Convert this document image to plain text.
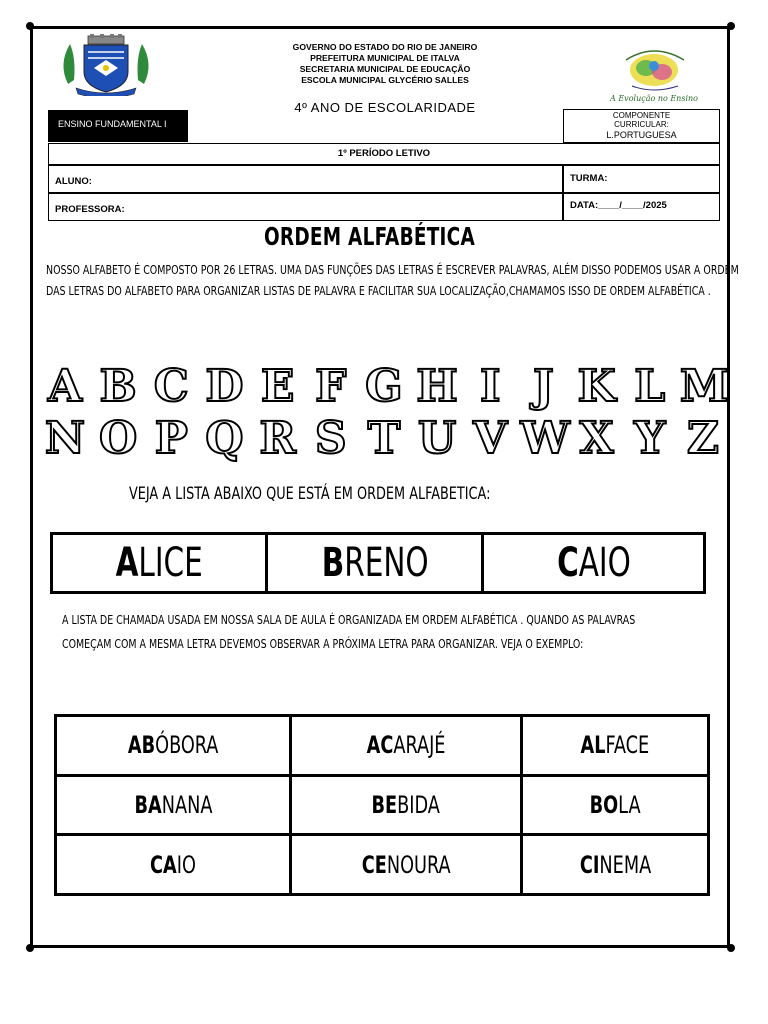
A Evolução no Ensino
GOVERNO DO ESTADO DO RIO DE JANEIRO
PREFEITURA MUNICIPAL DE ITALVA
SECRETARIA MUNICIPAL DE EDUCAÇÃO
ESCOLA MUNICIPAL GLYCÉRIO SALLES
4º ANO DE ESCOLARIDADE
ENSINO FUNDAMENTAL I
COMPONENTE CURRICULAR:
L.PORTUGUESA
1º PERÍODO LETIVO
ALUNO:	TURMA:
PROFESSORA:	DATA:____/____/2025
ORDEM ALFABÉTICA
NOSSO ALFABETO É COMPOSTO POR 26 LETRAS. UMA DAS FUNÇÕES DAS LETRAS É ESCREVER PALAVRAS, ALÉM DISSO PODEMOS USAR A ORDEM
DAS LETRAS DO ALFABETO PARA ORGANIZAR LISTAS DE PALAVRA E FACILITAR SUA LOCALIZAÇÃO,CHAMAMOS ISSO DE ORDEM ALFABÉTICA .
A B C D E F G H I J K L M
N O P Q R S T U V W X Y Z
VEJA A LISTA ABAIXO QUE ESTÁ EM ORDEM ALFABETICA:
ALICE	BRENO	CAIO
A LISTA DE CHAMADA USADA EM NOSSA SALA DE AULA É ORGANIZADA EM ORDEM ALFABÉTICA . QUANDO AS PALAVRAS
COMEÇAM COM A MESMA LETRA DEVEMOS OBSERVAR A PRÓXIMA LETRA PARA ORGANIZAR. VEJA O EXEMPLO:
ABÓBORA	ACARAJÉ	ALFACE
BANANA	BEBIDA	BOLA
CAIO	CENOURA	CINEMA
